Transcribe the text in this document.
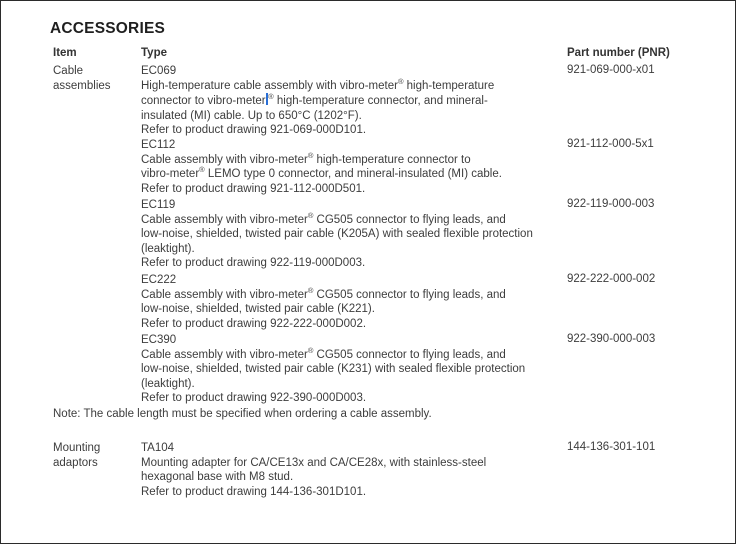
ACCESSORIES
Item	Type	Part number (PNR)
Cable
assemblies
EC069
High-temperature cable assembly with vibro-meter® high-temperature
connector to vibro-meter ® high-temperature connector, and mineral-
insulated (MI) cable. Up to 650°C (1202°F).
Refer to product drawing 921-069-000D101.
921-069-000-x01
EC112
Cable assembly with vibro-meter® high-temperature connector to
vibro-meter® LEMO type 0 connector, and mineral-insulated (MI) cable.
Refer to product drawing 921-112-000D501.
921-112-000-5x1
EC119
Cable assembly with vibro-meter® CG505 connector to flying leads, and
low-noise, shielded, twisted pair cable (K205A) with sealed flexible protection
(leaktight).
Refer to product drawing 922-119-000D003.
922-119-000-003
EC222
Cable assembly with vibro-meter® CG505 connector to flying leads, and
low-noise, shielded, twisted pair cable (K221).
Refer to product drawing 922-222-000D002.
922-222-000-002
EC390
Cable assembly with vibro-meter® CG505 connector to flying leads, and
low-noise, shielded, twisted pair cable (K231) with sealed flexible protection
(leaktight).
Refer to product drawing 922-390-000D003.
922-390-000-003
Note: The cable length must be specified when ordering a cable assembly.
Mounting
adaptors
TA104
Mounting adapter for CA/CE13x and CA/CE28x, with stainless-steel
hexagonal base with M8 stud.
Refer to product drawing 144-136-301D101.
144-136-301-101
